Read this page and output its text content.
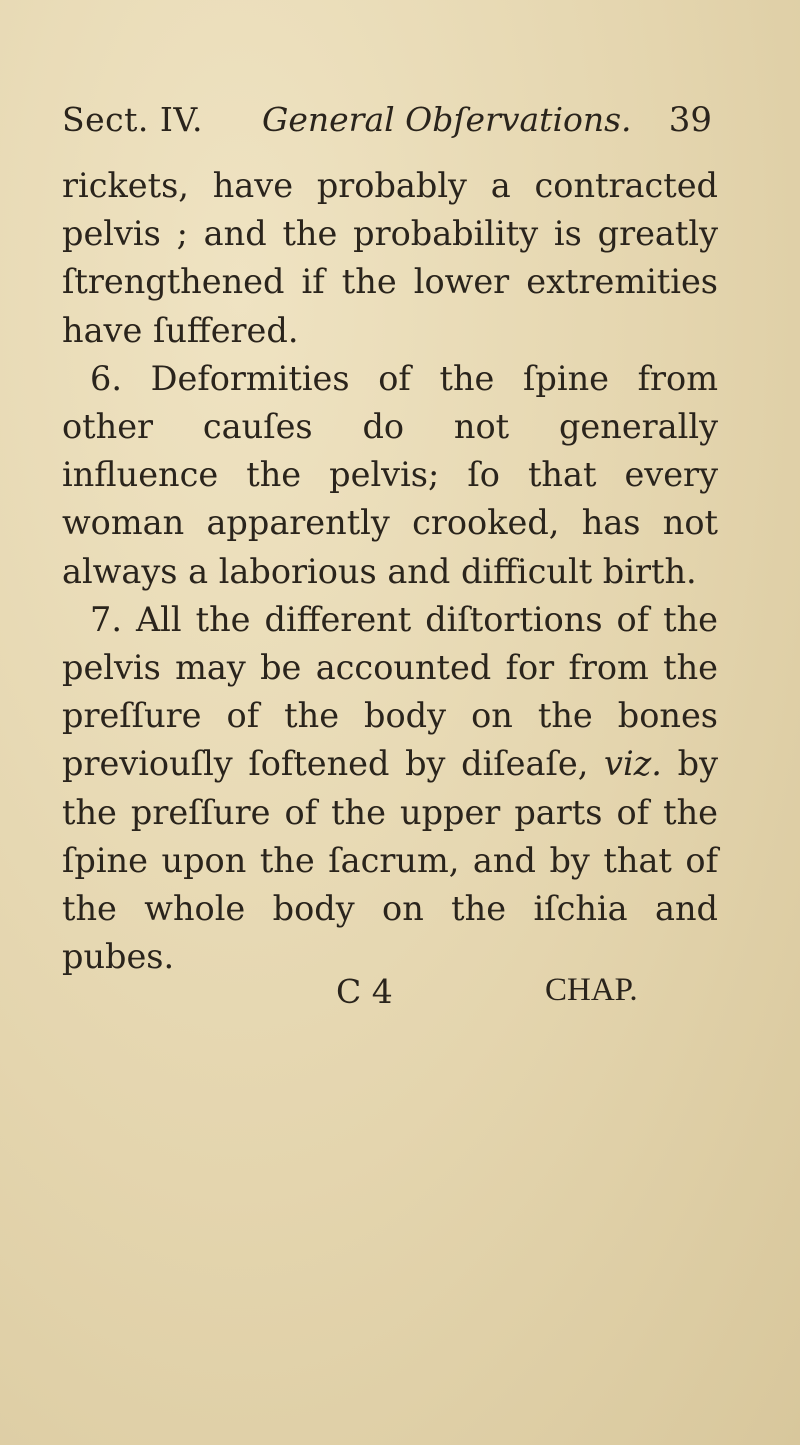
Sect. IV. General Obſervations. 39

rickets, have probably a contracted pelvis ; and the probability is greatly ſtrengthened if the lower extremities have ſuffered.

6. Deformities of the ſpine from other cauſes do not generally influence the pelvis; ſo that every woman apparently crooked, has not always a laborious and difficult birth.

7. All the different diſtortions of the pelvis may be accounted for from the preſſure of the body on the bones previouſly ſoftened by diſeaſe, viz. by the preſſure of the upper parts of the ſpine upon the ſacrum, and by that of the whole body on the iſchia and pubes.

C 4	CHAP.
